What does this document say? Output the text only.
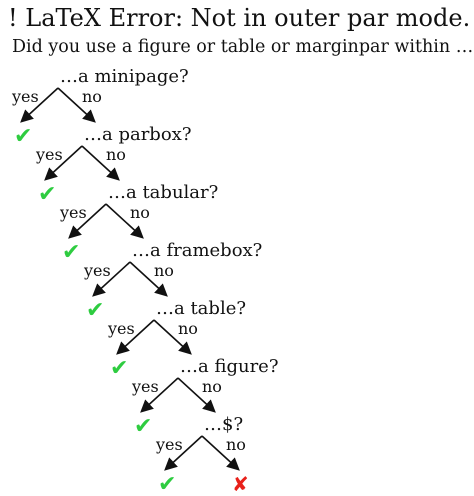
! LaTeX Error: Not in outer par mode.
Did you use a figure or table or marginpar within …
…a minipage?
yes	no
✔	…a parbox?
yes	no
✔	…a tabular?
yes	no
✔	…a framebox?
yes	no
✔	…a table?
yes	no
✔	…a figure?
yes	no
✔	…$?
yes	no
✔	✘
